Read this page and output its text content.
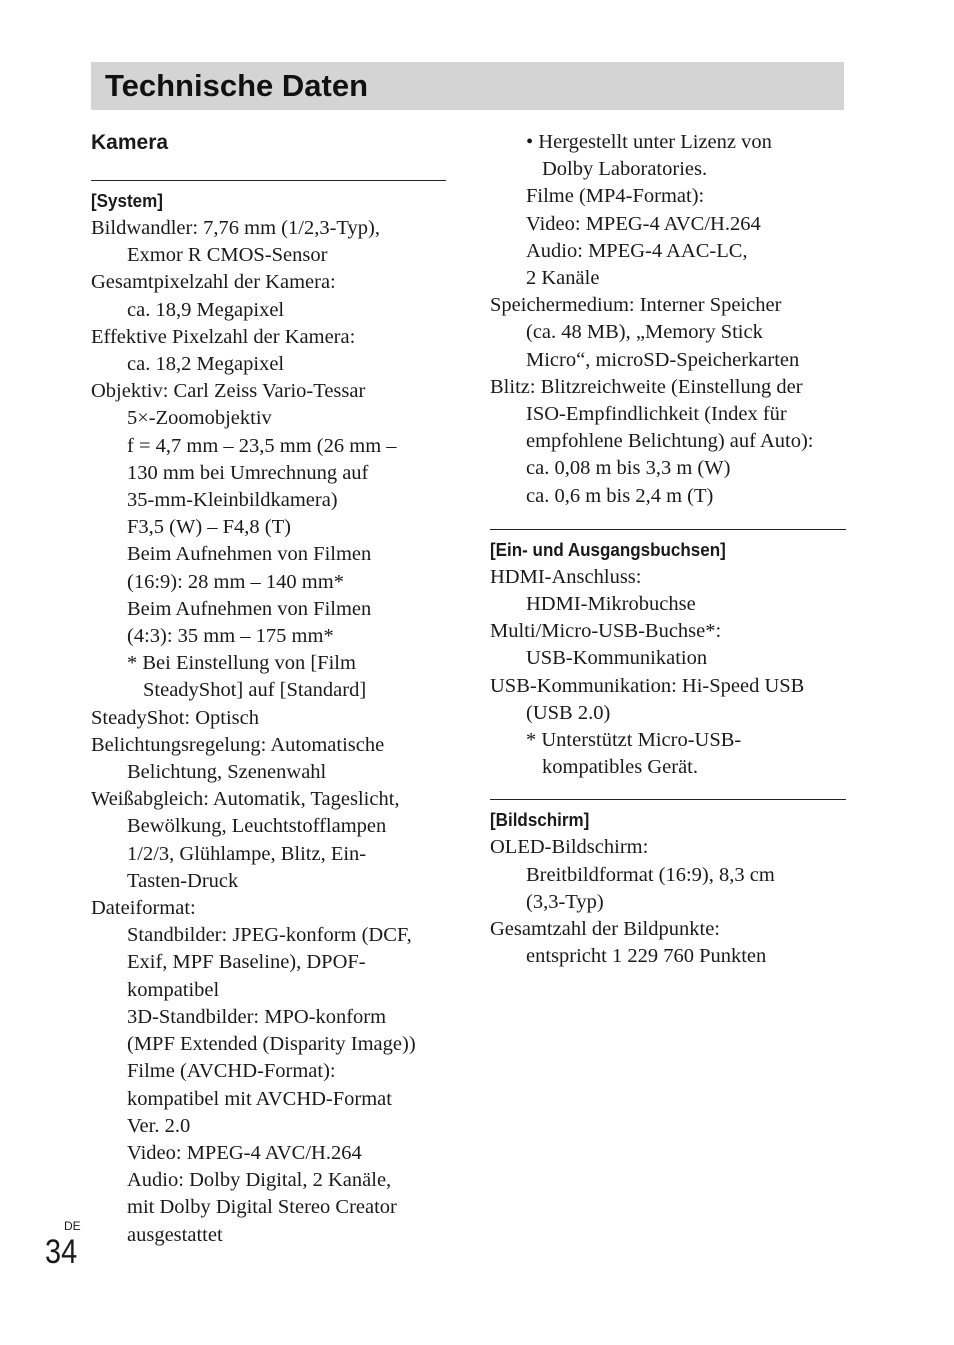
Technische Daten
Kamera
[System]
Bildwandler: 7,76 mm (1/2,3-Typ),
Exmor R CMOS-Sensor
Gesamtpixelzahl der Kamera:
ca. 18,9 Megapixel
Effektive Pixelzahl der Kamera:
ca. 18,2 Megapixel
Objektiv: Carl Zeiss Vario-Tessar
5×-Zoomobjektiv
f = 4,7 mm – 23,5 mm (26 mm –
130 mm bei Umrechnung auf
35-mm-Kleinbildkamera)
F3,5 (W) – F4,8 (T)
Beim Aufnehmen von Filmen
(16:9): 28 mm – 140 mm*
Beim Aufnehmen von Filmen
(4:3): 35 mm – 175 mm*
* Bei Einstellung von [Film
SteadyShot] auf [Standard]
SteadyShot: Optisch
Belichtungsregelung: Automatische
Belichtung, Szenenwahl
Weißabgleich: Automatik, Tageslicht,
Bewölkung, Leuchtstofflampen
1/2/3, Glühlampe, Blitz, Ein-
Tasten-Druck
Dateiformat:
Standbilder: JPEG-konform (DCF,
Exif, MPF Baseline), DPOF-
kompatibel
3D-Standbilder: MPO-konform
(MPF Extended (Disparity Image))
Filme (AVCHD-Format):
kompatibel mit AVCHD-Format
Ver. 2.0
Video: MPEG-4 AVC/H.264
Audio: Dolby Digital, 2 Kanäle,
mit Dolby Digital Stereo Creator
ausgestattet
• Hergestellt unter Lizenz von
Dolby Laboratories.
Filme (MP4-Format):
Video: MPEG-4 AVC/H.264
Audio: MPEG-4 AAC-LC,
2 Kanäle
Speichermedium: Interner Speicher
(ca. 48 MB), „Memory Stick
Micro“, microSD-Speicherkarten
Blitz: Blitzreichweite (Einstellung der
ISO-Empfindlichkeit (Index für
empfohlene Belichtung) auf Auto):
ca. 0,08 m bis 3,3 m (W)
ca. 0,6 m bis 2,4 m (T)
[Ein- und Ausgangsbuchsen]
HDMI-Anschluss:
HDMI-Mikrobuchse
Multi/Micro-USB-Buchse*:
USB-Kommunikation
USB-Kommunikation: Hi-Speed USB
(USB 2.0)
* Unterstützt Micro-USB-
kompatibles Gerät.
[Bildschirm]
OLED-Bildschirm:
Breitbildformat (16:9), 8,3 cm
(3,3-Typ)
Gesamtzahl der Bildpunkte:
entspricht 1 229 760 Punkten
DE
34
